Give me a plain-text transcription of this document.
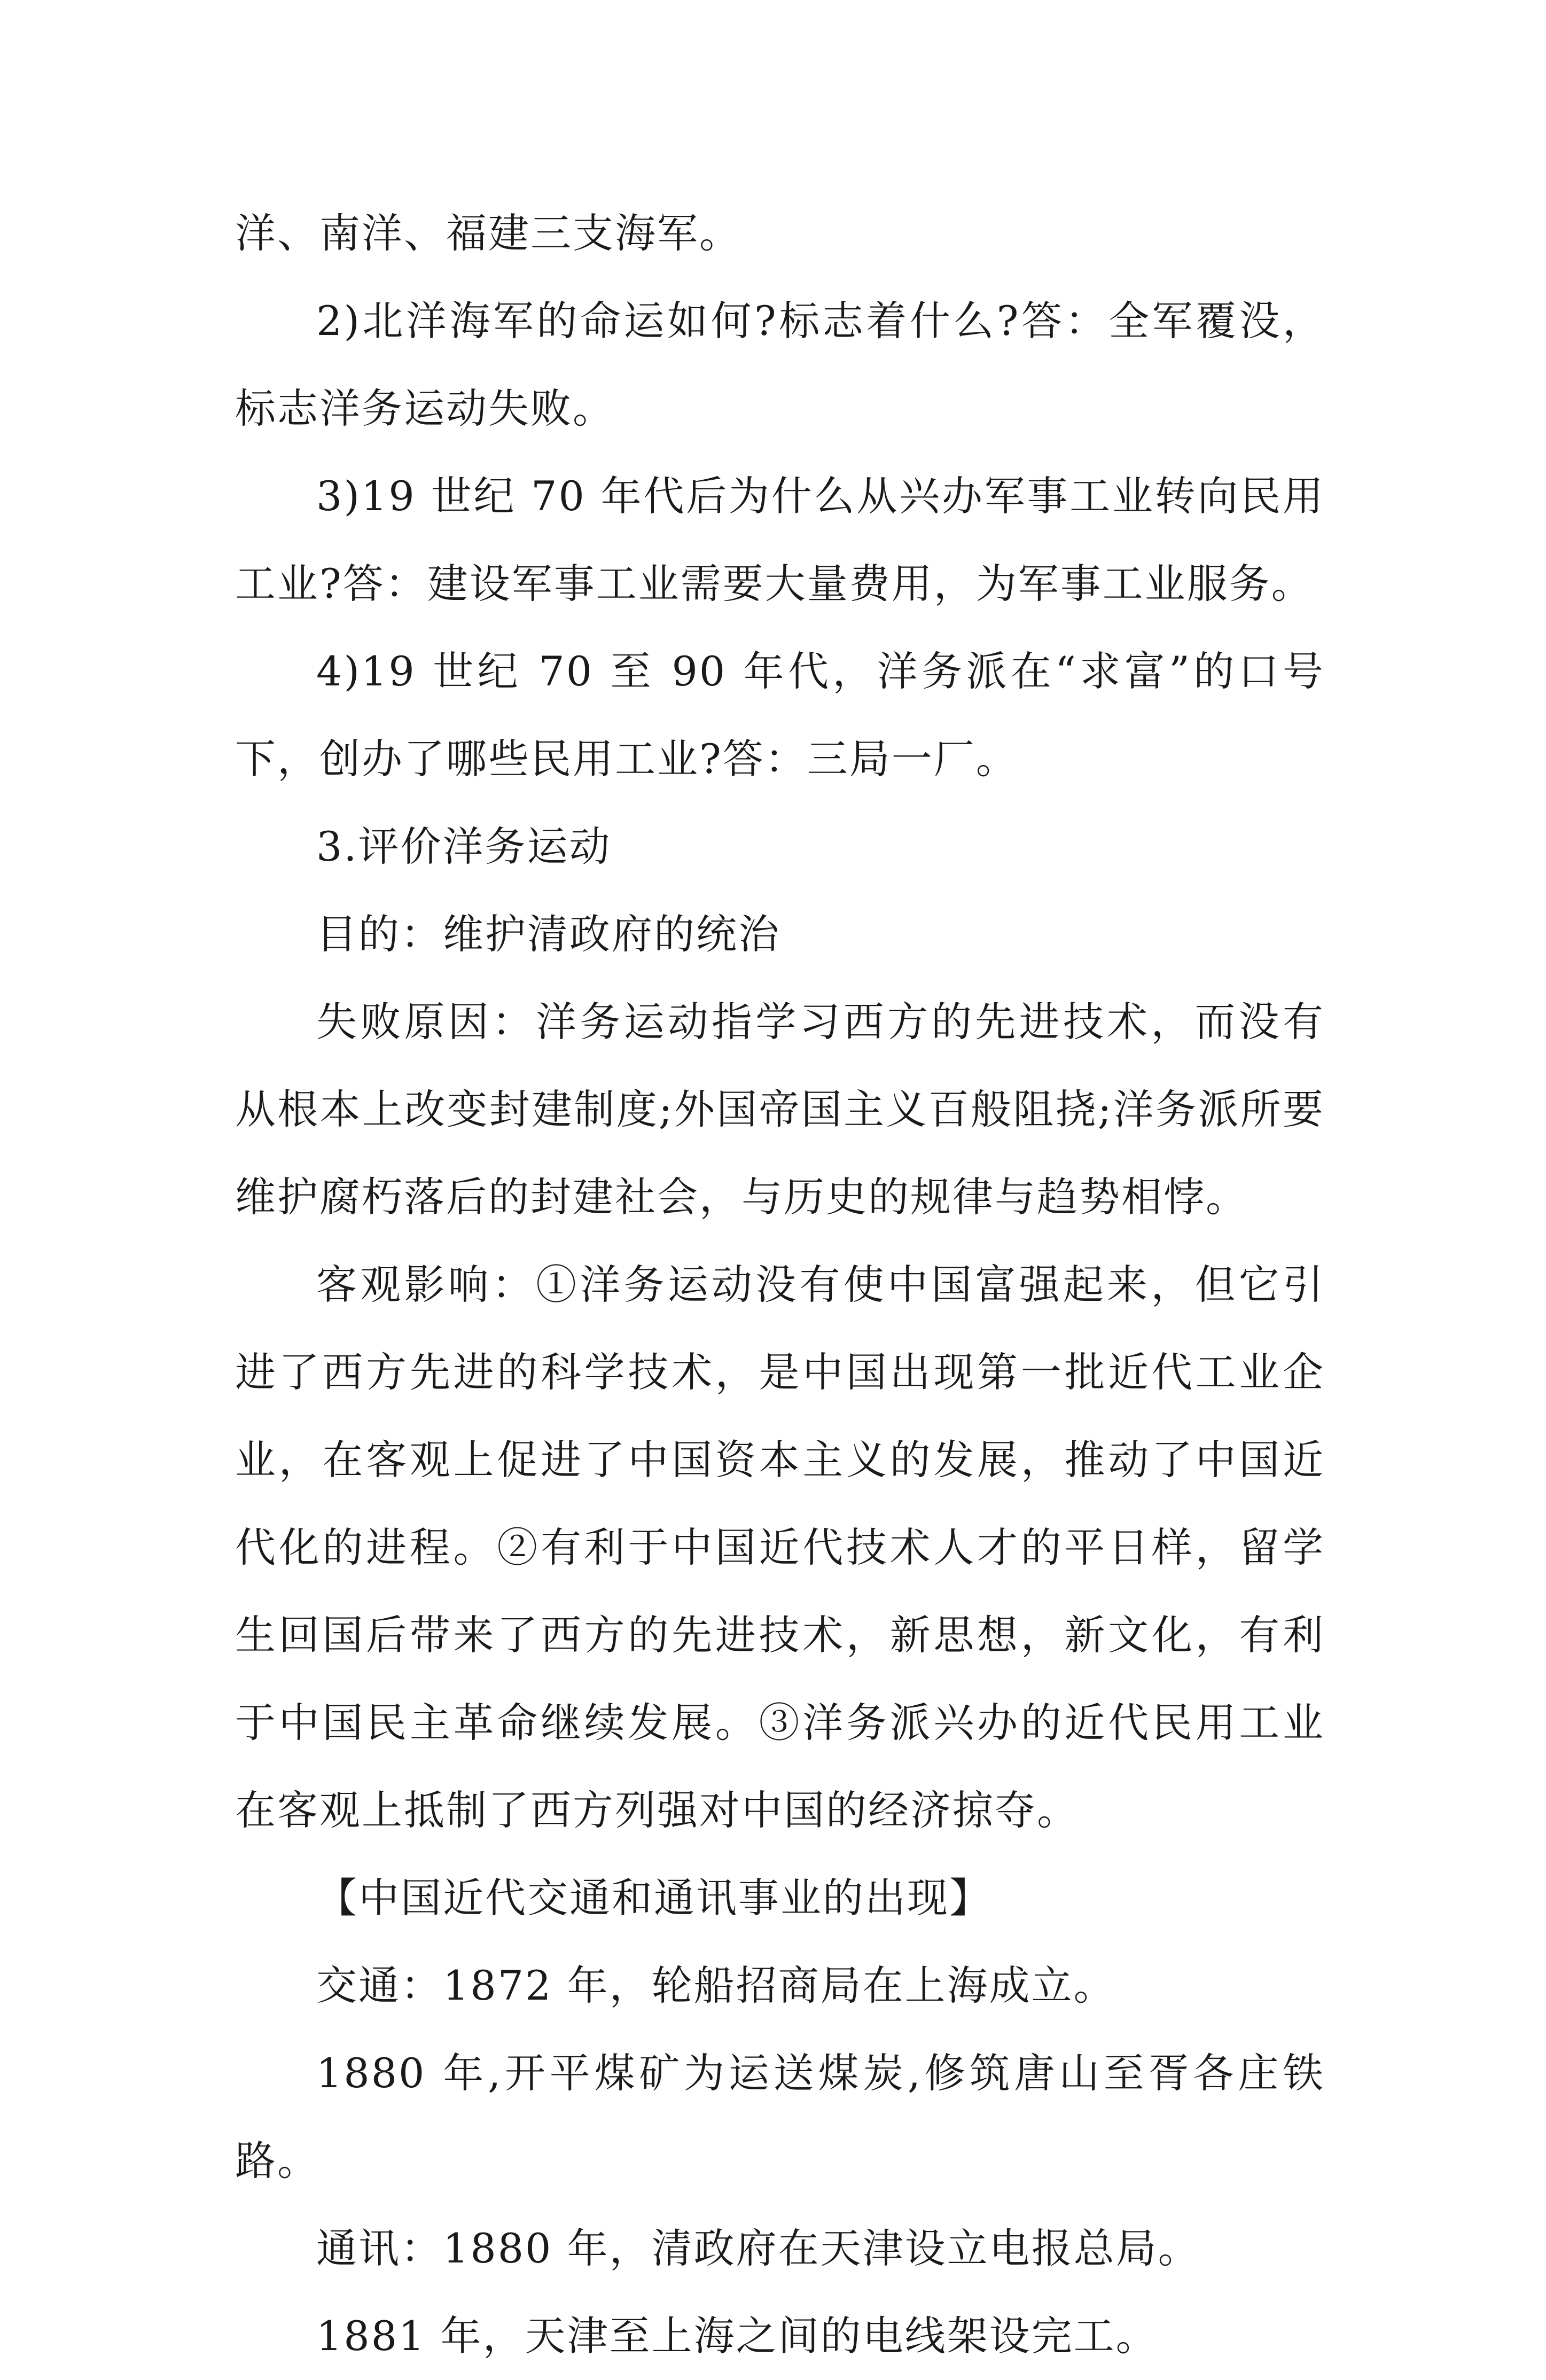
洋、南洋、福建三支海军。

2)北洋海军的命运如何?标志着什么?答：全军覆没，标志洋务运动失败。

3)19 世纪 70 年代后为什么从兴办军事工业转向民用工业?答：建设军事工业需要大量费用，为军事工业服务。

4)19 世纪 70 至 90 年代，洋务派在“求富”的口号下，创办了哪些民用工业?答：三局一厂。

3.评价洋务运动

目的：维护清政府的统治

失败原因：洋务运动指学习西方的先进技术，而没有从根本上改变封建制度;外国帝国主义百般阻挠;洋务派所要维护腐朽落后的封建社会，与历史的规律与趋势相悖。

客观影响：①洋务运动没有使中国富强起来，但它引进了西方先进的科学技术，是中国出现第一批近代工业企业，在客观上促进了中国资本主义的发展，推动了中国近代化的进程。②有利于中国近代技术人才的平日样，留学生回国后带来了西方的先进技术，新思想，新文化，有利于中国民主革命继续发展。③洋务派兴办的近代民用工业在客观上抵制了西方列强对中国的经济掠夺。

【中国近代交通和通讯事业的出现】

交通：1872 年，轮船招商局在上海成立。

1880 年,开平煤矿为运送煤炭,修筑唐山至胥各庄铁路。

通讯：1880 年，清政府在天津设立电报总局。

1881 年，天津至上海之间的电线架设完工。
